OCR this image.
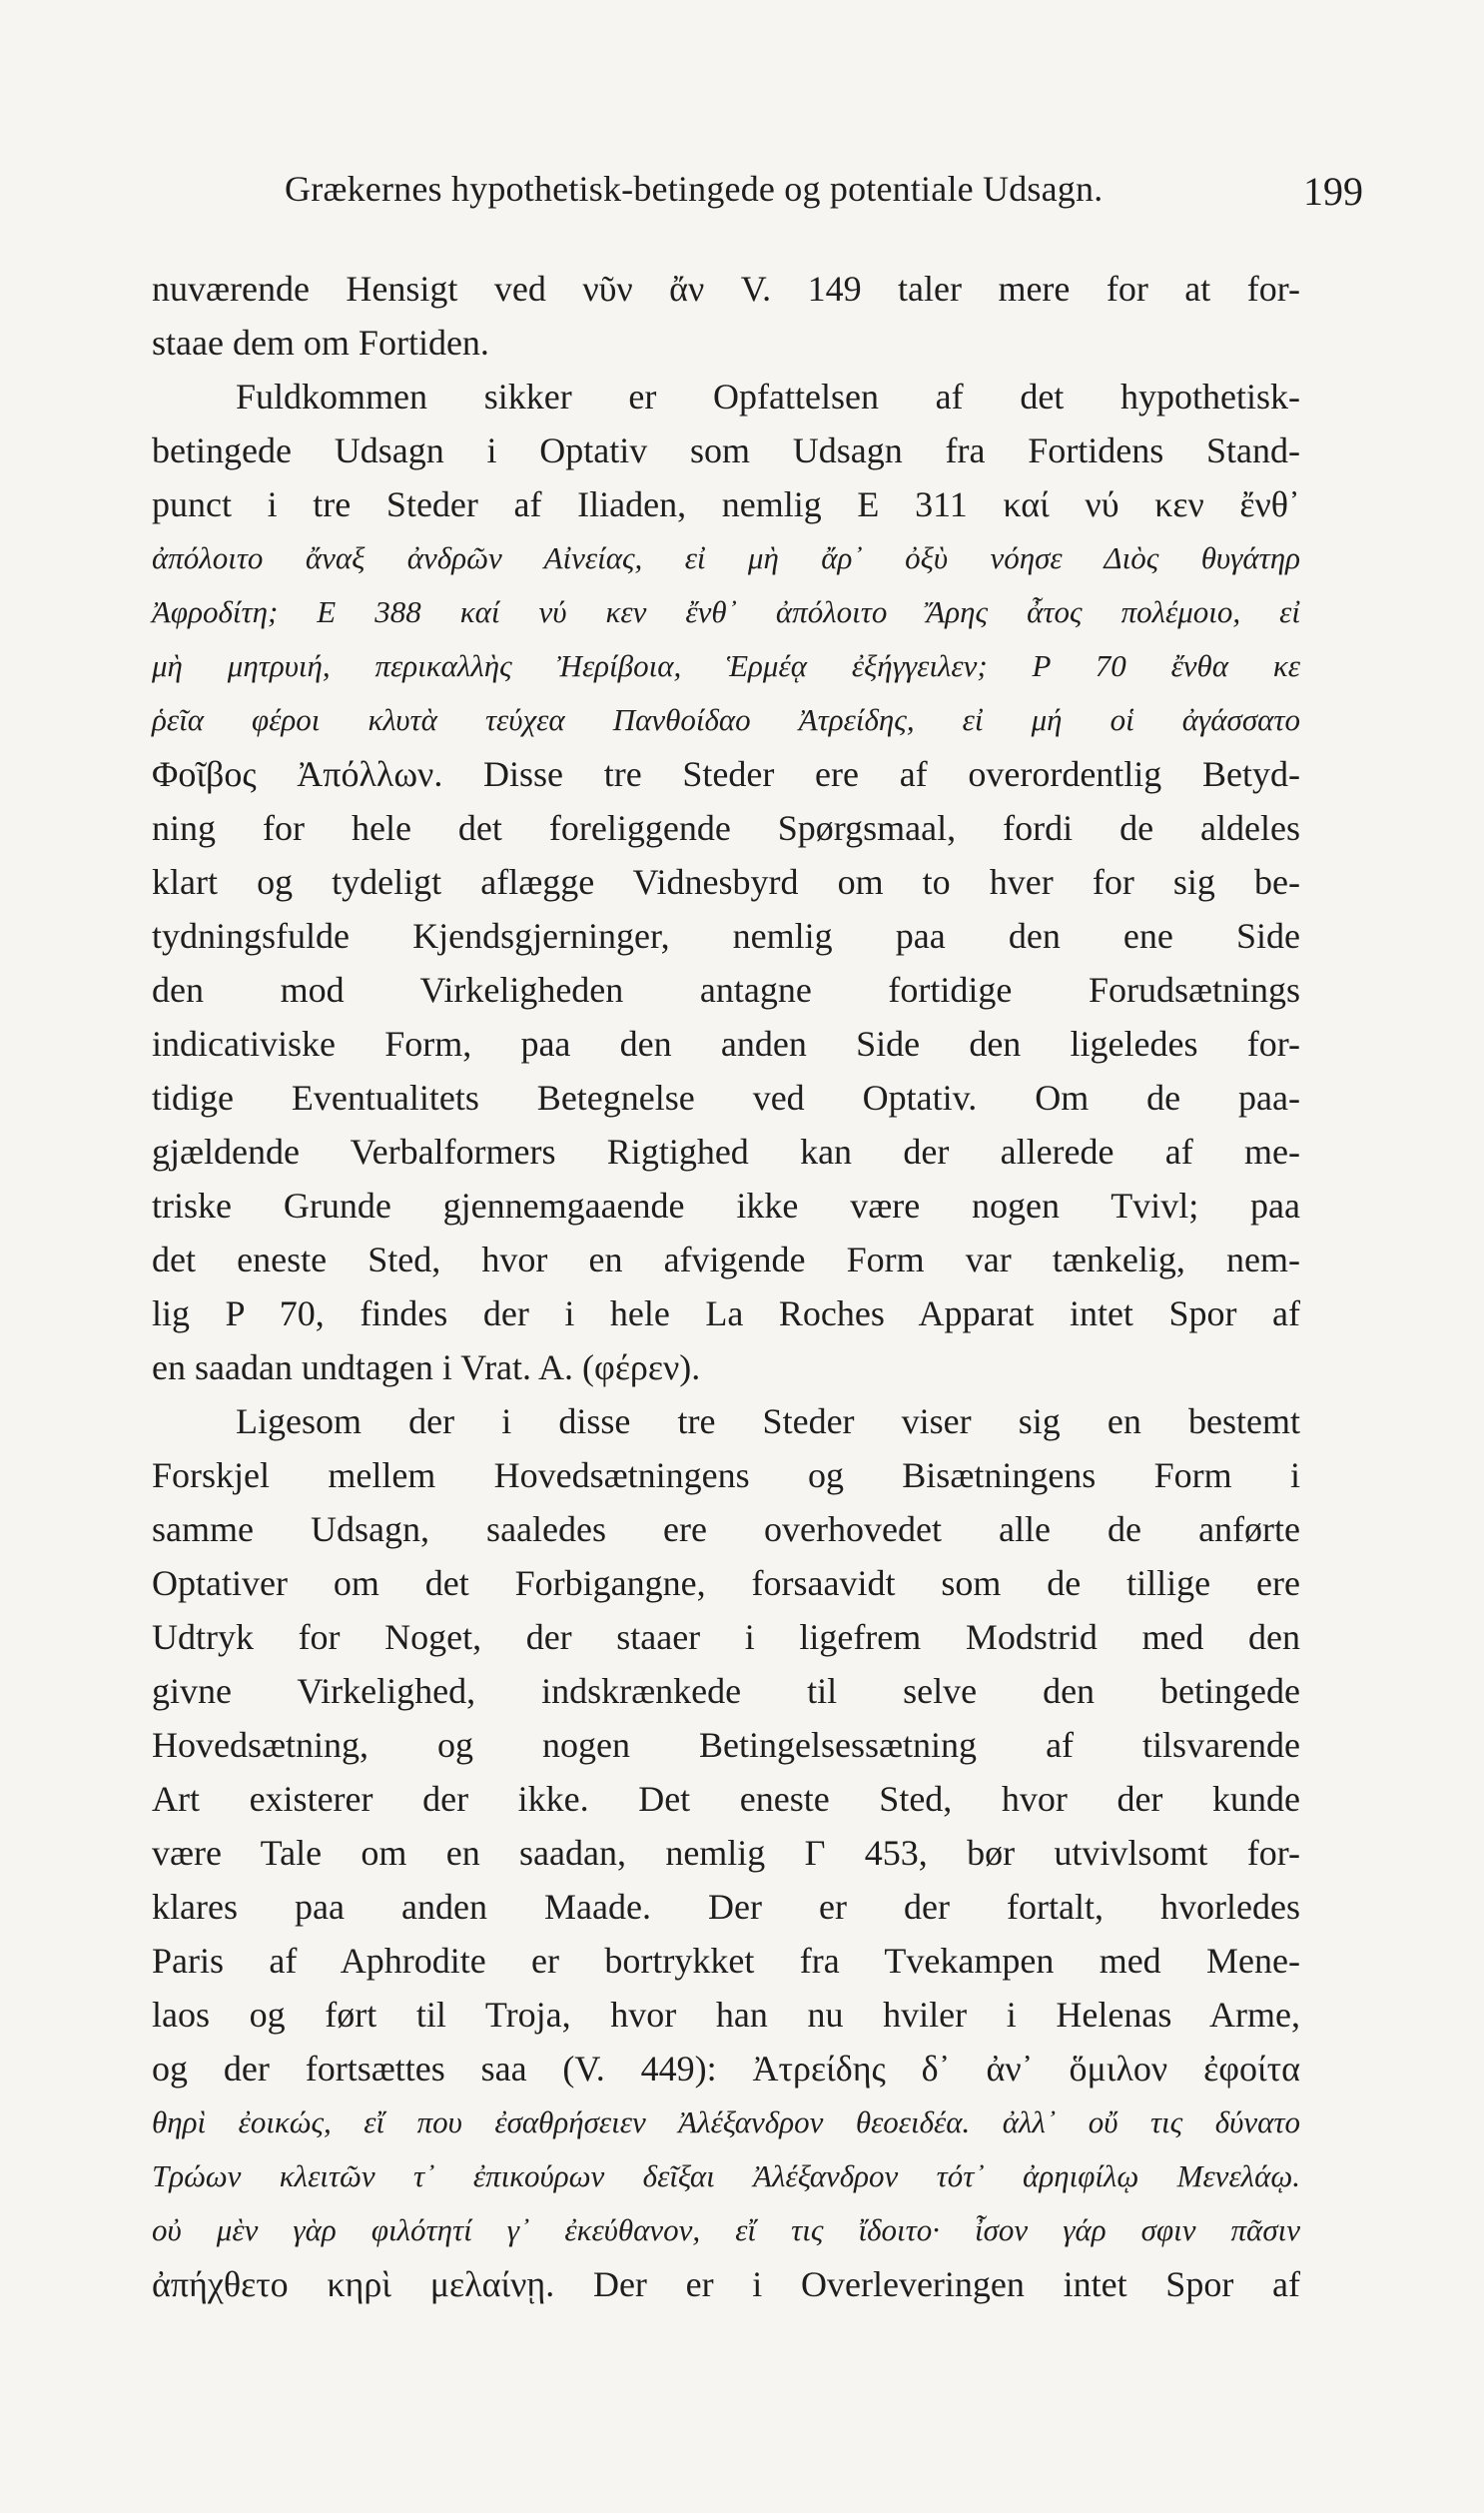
Grækernes hypothetisk-betingede og potentiale Udsagn.	199
nuværende Hensigt ved νῦν ἄν V. 149 taler mere for at for-
staae dem om Fortiden.
Fuldkommen sikker er Opfattelsen af det hypothetisk-
betingede Udsagn i Optativ som Udsagn fra Fortidens Stand-
punct i tre Steder af Iliaden, nemlig E 311 καί νύ κεν ἔνθ᾽
ἀπόλοιτο ἄναξ ἀνδρῶν Αἰνείας, εἰ μὴ ἄρ᾽ ὀξὺ νόησε Διὸς θυγάτηρ
Ἀφροδίτη; E 388 καί νύ κεν ἔνθ᾽ ἀπόλοιτο Ἄρης ἆτος πολέμοιο, εἰ
μὴ μητρυιή, περικαλλὴς Ἠερίβοια, Ἑρμέᾳ ἐξήγγειλεν; P 70 ἔνθα κε
ῥεῖα φέροι κλυτὰ τεύχεα Πανθοίδαο Ἀτρείδης, εἰ μή οἱ ἀγάσσατο
Φοῖβος Ἀπόλλων. Disse tre Steder ere af overordentlig Betyd-
ning for hele det foreliggende Spørgsmaal, fordi de aldeles
klart og tydeligt aflægge Vidnesbyrd om to hver for sig be-
tydningsfulde Kjendsgjerninger, nemlig paa den ene Side
den mod Virkeligheden antagne fortidige Forudsætnings
indicativiske Form, paa den anden Side den ligeledes for-
tidige Eventualitets Betegnelse ved Optativ. Om de paa-
gjældende Verbalformers Rigtighed kan der allerede af me-
triske Grunde gjennemgaaende ikke være nogen Tvivl; paa
det eneste Sted, hvor en afvigende Form var tænkelig, nem-
lig P 70, findes der i hele La Roches Apparat intet Spor af
en saadan undtagen i Vrat. A. (φέρεν).
Ligesom der i disse tre Steder viser sig en bestemt
Forskjel mellem Hovedsætningens og Bisætningens Form i
samme Udsagn, saaledes ere overhovedet alle de anførte
Optativer om det Forbigangne, forsaavidt som de tillige ere
Udtryk for Noget, der staaer i ligefrem Modstrid med den
givne Virkelighed, indskrænkede til selve den betingede
Hovedsætning, og nogen Betingelsessætning af tilsvarende
Art existerer der ikke. Det eneste Sted, hvor der kunde
være Tale om en saadan, nemlig Γ 453, bør utvivlsomt for-
klares paa anden Maade. Der er der fortalt, hvorledes
Paris af Aphrodite er bortrykket fra Tvekampen med Mene-
laos og ført til Troja, hvor han nu hviler i Helenas Arme,
og der fortsættes saa (V. 449): Ἀτρείδης δ᾽ ἀν᾽ ὅμιλον ἐφοίτα
θηρὶ ἐοικώς, εἴ που ἐσαθρήσειεν Ἀλέξανδρον θεοειδέα. ἀλλ᾽ οὔ τις δύνατο
Τρώων κλειτῶν τ᾽ ἐπικούρων δεῖξαι Ἀλέξανδρον τότ᾽ ἀρηιφίλῳ Μενελάῳ.
οὐ μὲν γὰρ φιλότητί γ᾽ ἐκεύθανον, εἴ τις ἴδοιτο· ἶσον γάρ σφιν πᾶσιν
ἀπήχθετο κηρὶ μελαίνῃ. Der er i Overleveringen intet Spor af
